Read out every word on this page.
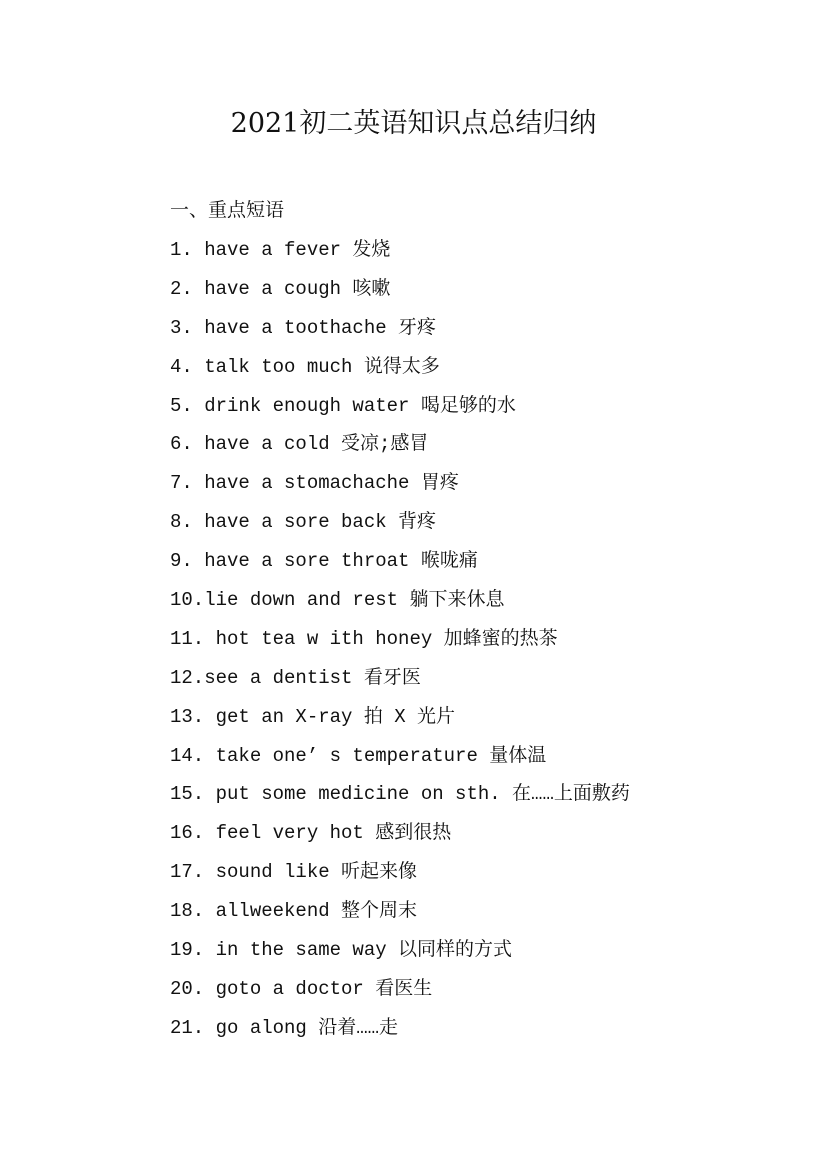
2021初二英语知识点总结归纳
一、重点短语
1. have a fever 发烧
2. have a cough 咳嗽
3. have a toothache 牙疼
4. talk too much 说得太多
5. drink enough water 喝足够的水
6. have a cold 受凉;感冒
7. have a stomachache 胃疼
8. have a sore back 背疼
9. have a sore throat 喉咙痛
10.lie down and rest 躺下来休息
11. hot tea w ith honey 加蜂蜜的热茶
12.see a dentist 看牙医
13. get an X-ray 拍 X 光片
14. take one’ s temperature 量体温
15. put some medicine on sth. 在……上面敷药
16. feel very hot 感到很热
17. sound like 听起来像
18. allweekend 整个周末
19. in the same way 以同样的方式
20. goto a doctor 看医生
21. go along 沿着……走
